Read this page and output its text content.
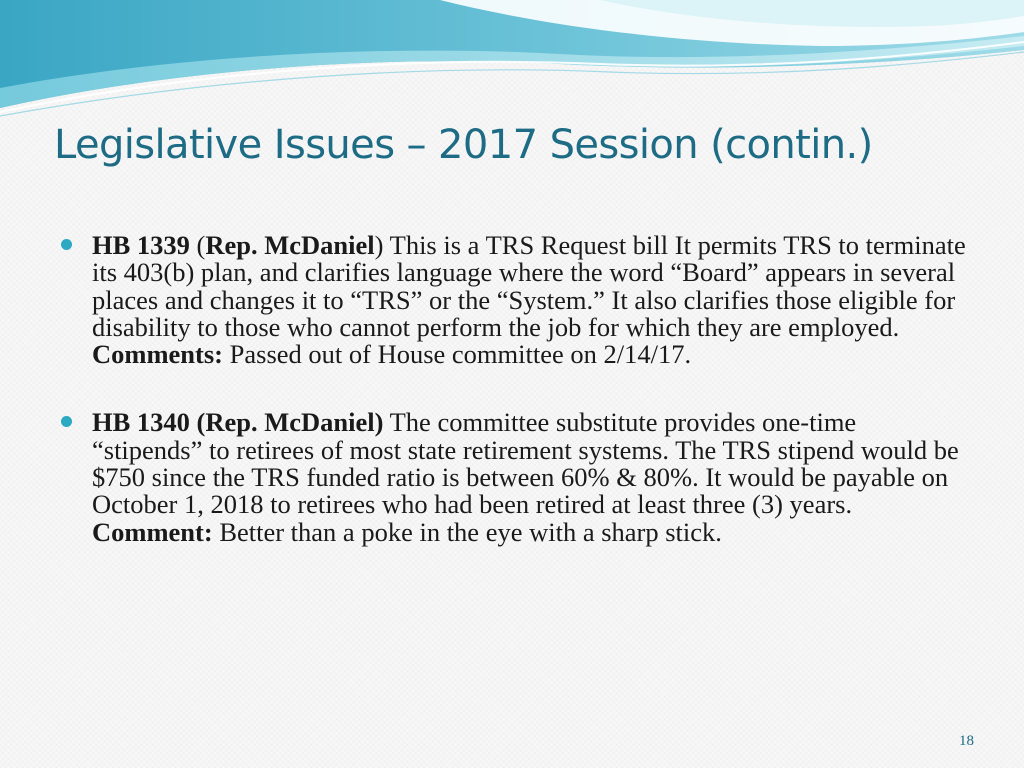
Legislative Issues – 2017 Session (contin.)
HB 1339 (Rep. McDaniel) This is a TRS Request bill It permits TRS to terminate its 403(b) plan, and clarifies language where the word “Board” appears in several places and changes it to “TRS” or the “System.” It also clarifies those eligible for disability to those who cannot perform the job for which they are employed. Comments: Passed out of House committee on 2/14/17.
HB 1340 (Rep. McDaniel) The committee substitute provides one-time “stipends” to retirees of most state retirement systems. The TRS stipend would be $750 since the TRS funded ratio is between 60% & 80%. It would be payable on October 1, 2018 to retirees who had been retired at least three (3) years. Comment: Better than a poke in the eye with a sharp stick.
18
